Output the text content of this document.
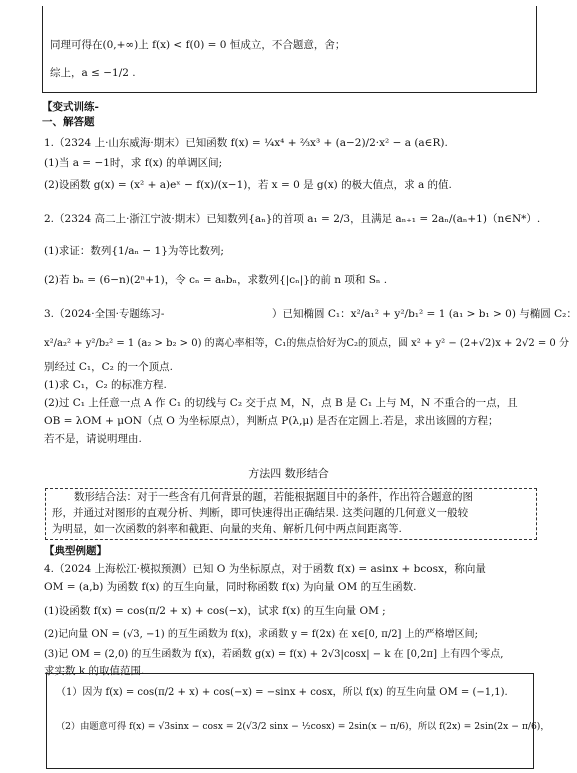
同理可得在(0,+∞)上 f(x) < f(0) = 0 恒成立，不合题意，舍；
综上，a ≤ −1/2 .
【变式训练-
一、解答题
1.（2324 上·山东威海·期末）已知函数 f(x) = ¼x⁴ + ⅔x³ + (a−2)/2·x² − a (a∈R).
(1)当 a = −1时，求 f(x) 的单调区间;
(2)设函数 g(x) = (x² + a)eˣ − f(x)/(x−1)，若 x = 0 是 g(x) 的极大值点，求 a 的值.
2.（2324 高二上·浙江宁波·期末）已知数列{aₙ}的首项 a₁ = 2/3，且满足 aₙ₊₁ = 2aₙ/(aₙ+1)（n∈N*）.
(1)求证：数列{1/aₙ − 1}为等比数列;
(2)若 bₙ = (6−n)(2ⁿ+1)，令 cₙ = aₙbₙ，求数列{|cₙ|}的前 n 项和 Sₙ .
3.（2024·全国·专题练习-	）已知椭圆 C₁：x²/a₁² + y²/b₁² = 1 (a₁ > b₁ > 0) 与椭圆 C₂：
x²/a₂² + y²/b₂² = 1 (a₂ > b₂ > 0) 的离心率相等，C₁的焦点恰好为C₂的顶点，圆 x² + y² − (2+√2)x + 2√2 = 0 分
别经过 C₁，C₂ 的一个顶点.
(1)求 C₁，C₂ 的标准方程.
(2)过 C₁ 上任意一点 A 作 C₁ 的切线与 C₂ 交于点 M，N，点 B 是 C₁ 上与 M，N 不重合的一点，且
OB = λOM + μON（点 O 为坐标原点），判断点 P(λ,μ) 是否在定圆上.若是，求出该圆的方程；
若不是，请说明理由.
方法四 数形结合
数形结合法：对于一些含有几何背景的题，若能根据题目中的条件，作出符合题意的图
形，并通过对图形的直观分析、判断，即可快速得出正确结果. 这类问题的几何意义一般较
为明显，如一次函数的斜率和截距、向量的夹角、解析几何中两点间距离等.
【典型例题】
4.（2024 上海松江·模拟预测）已知 O 为坐标原点，对于函数 f(x) = asinx + bcosx，称向量
OM = (a,b) 为函数 f(x) 的互生向量，同时称函数 f(x) 为向量 OM 的互生函数.
(1)设函数 f(x) = cos(π/2 + x) + cos(−x)，试求 f(x) 的互生向量 OM ;
(2)记向量 ON = (√3, −1) 的互生函数为 f(x)，求函数 y = f(2x) 在 x∈[0, π/2] 上的严格增区间;
(3)记 OM = (2,0) 的互生函数为 f(x)，若函数 g(x) = f(x) + 2√3|cosx| − k 在 [0,2π] 上有四个零点,
求实数 k 的取值范围.
（1）因为 f(x) = cos(π/2 + x) + cos(−x) = −sinx + cosx，所以 f(x) 的互生向量 OM = (−1,1).
（2）由题意可得 f(x) = √3sinx − cosx = 2(√3/2 sinx − ½cosx) = 2sin(x − π/6)，所以 f(2x) = 2sin(2x − π/6)，
